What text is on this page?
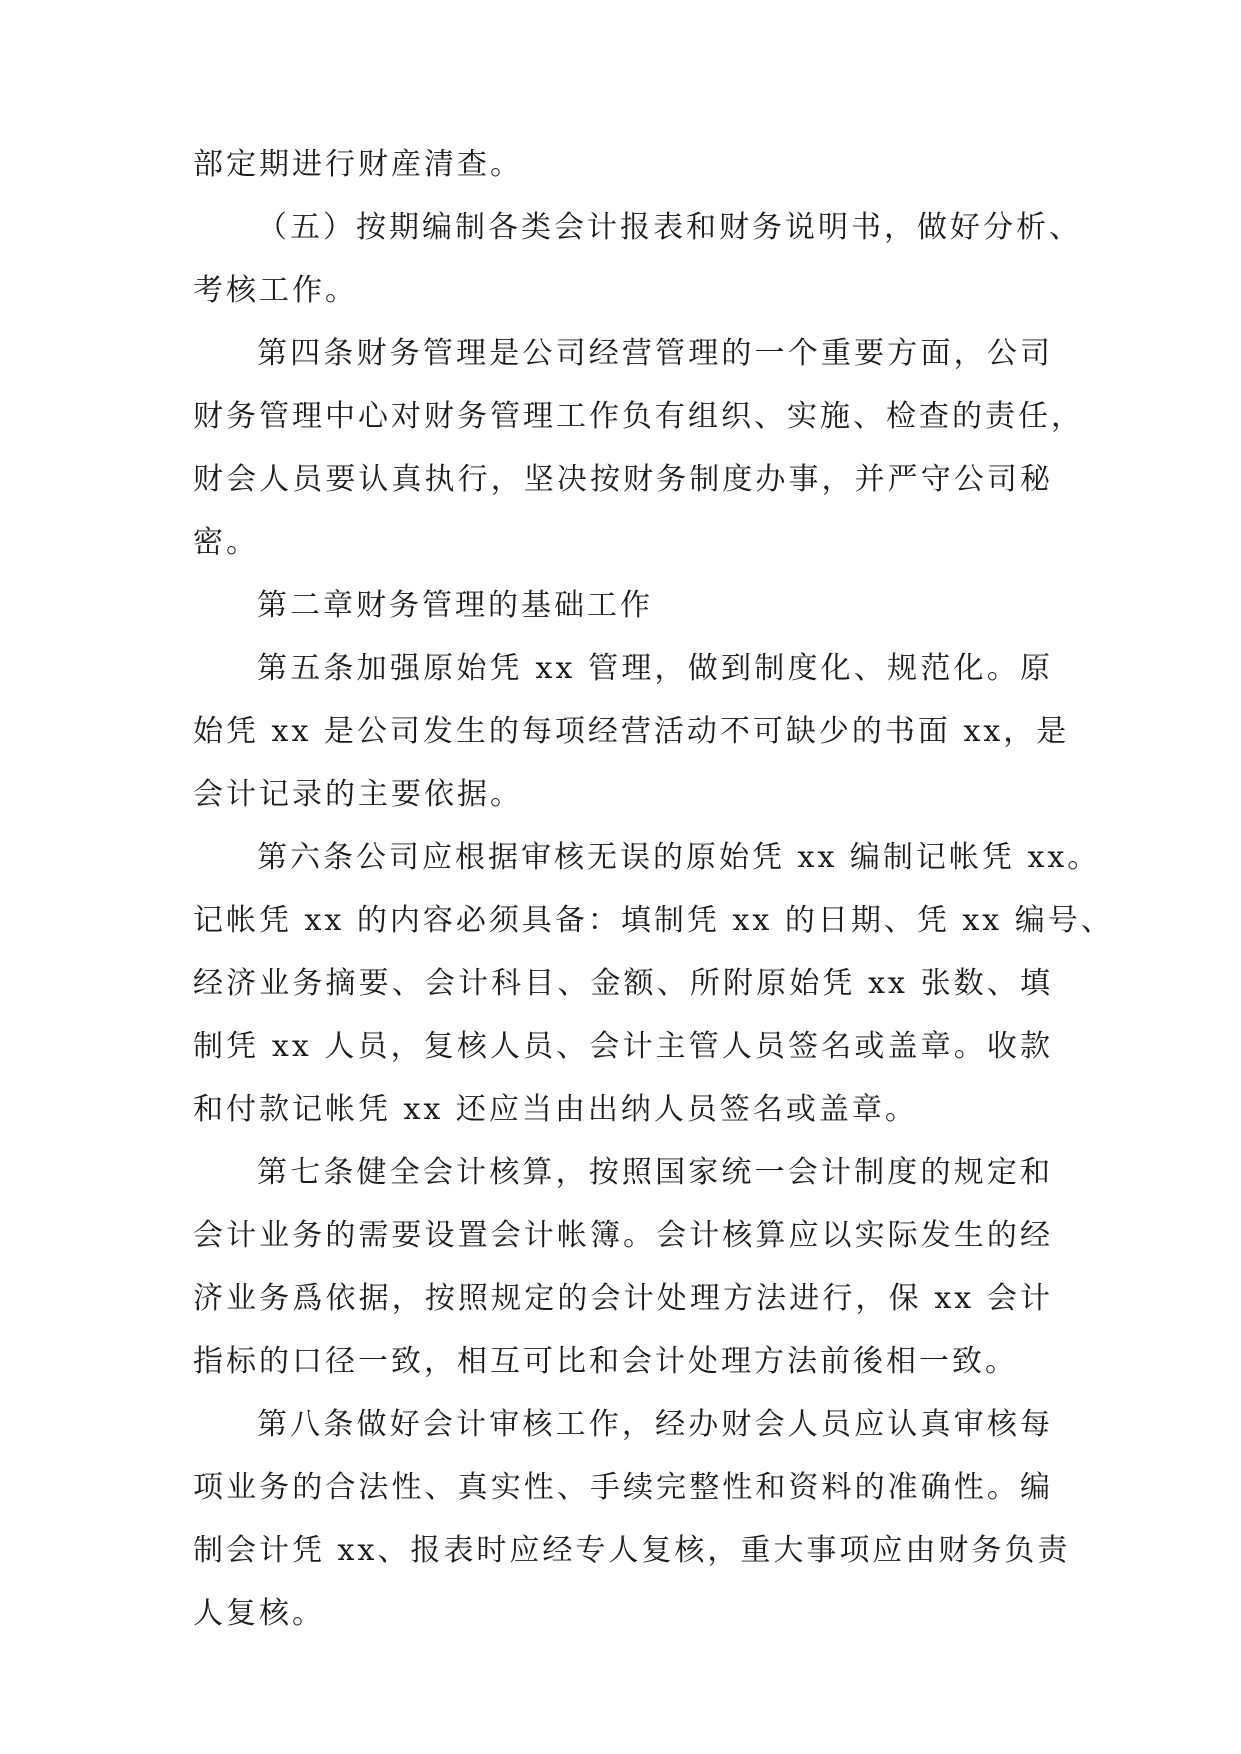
部定期进行财産清查。
（五）按期编制各类会计报表和财务说明书，做好分析、
考核工作。
第四条财务管理是公司经营管理的一个重要方面，公司
财务管理中心对财务管理工作负有组织、实施、检查的责任，
财会人员要认真执行，坚决按财务制度办事，并严守公司秘
密。
第二章财务管理的基础工作
第五条加强原始凭 xx 管理，做到制度化、规范化。原
始凭 xx 是公司发生的每项经营活动不可缺少的书面 xx，是
会计记录的主要依据。
第六条公司应根据审核无误的原始凭 xx 编制记帐凭 xx。
记帐凭 xx 的内容必须具备：填制凭 xx 的日期、凭 xx 编号、
经济业务摘要、会计科目、金额、所附原始凭 xx 张数、填
制凭 xx 人员，复核人员、会计主管人员签名或盖章。收款
和付款记帐凭 xx 还应当由出纳人员签名或盖章。
第七条健全会计核算，按照国家统一会计制度的规定和
会计业务的需要设置会计帐簿。会计核算应以实际发生的经
济业务爲依据，按照规定的会计处理方法进行，保 xx 会计
指标的口径一致，相互可比和会计处理方法前後相一致。
第八条做好会计审核工作，经办财会人员应认真审核每
项业务的合法性、真实性、手续完整性和资料的准确性。编
制会计凭 xx、报表时应经专人复核，重大事项应由财务负责
人复核。
